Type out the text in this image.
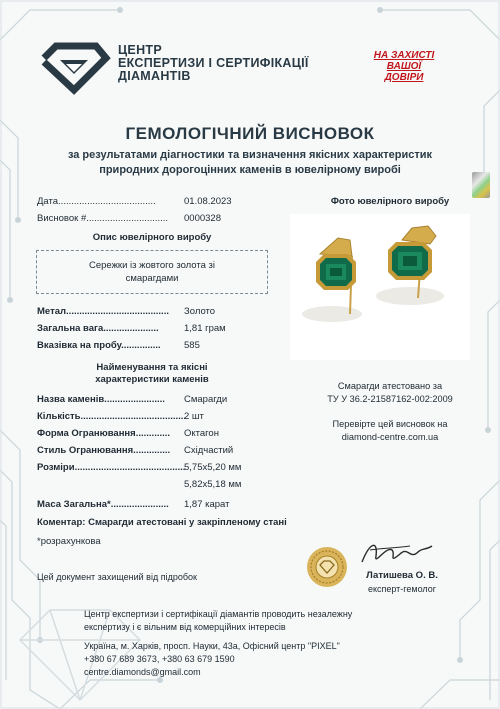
ЦЕНТР
ЕКСПЕРТИЗИ І СЕРТИФІКАЦІЇ
ДІАМАНТІВ
НА ЗАХИСТІ
ВАШОЇ
ДОВІРИ
ГЕМОЛОГІЧНИЙ ВИСНОВОК
за результатами діагностики та визначення якісних характеристик
природних дорогоцінних каменів в ювелірному виробі
Дата.....................................	01.08.2023
Висновок #............................... 0000328
Опис ювелірного виробу
Сережки із жовтого золота зі
смарагдами
Метал....................................... Золото
Загальна вага.....................	1,81 грам
Вказівка на пробу............... 585
Найменування та якісні
характеристики каменів
Назва каменів....................... Смарагди
Кількість........................................
2 шт
Форма Огранювання............. Октагон
Стиль Огранювання.............. Східчастий
Розміри..........................................
5,75х5,20 мм
5,82х5,18 мм
Маса Загальна*...................... 1,87 карат
Фото ювелірного виробу
Смарагди атестовано за
ТУ У 36.2-21587162-002:2009
Перевірте цей висновок на
diamond-centre.com.ua
Коментар: Смарагди атестовані у закріпленому стані
*розрахункова
Цей документ захищений від підробок	Латишева О. В.
експерт-гемолог
Центр експертизи і сертифікації діамантів проводить незалежну
експертизу і є вільним від комерційних інтересів
Україна, м. Харків, просп. Науки, 43а, Офісний центр "PIXEL"
+380 67 689 3673, +380 63 679 1590
centre.diamonds@gmail.com
